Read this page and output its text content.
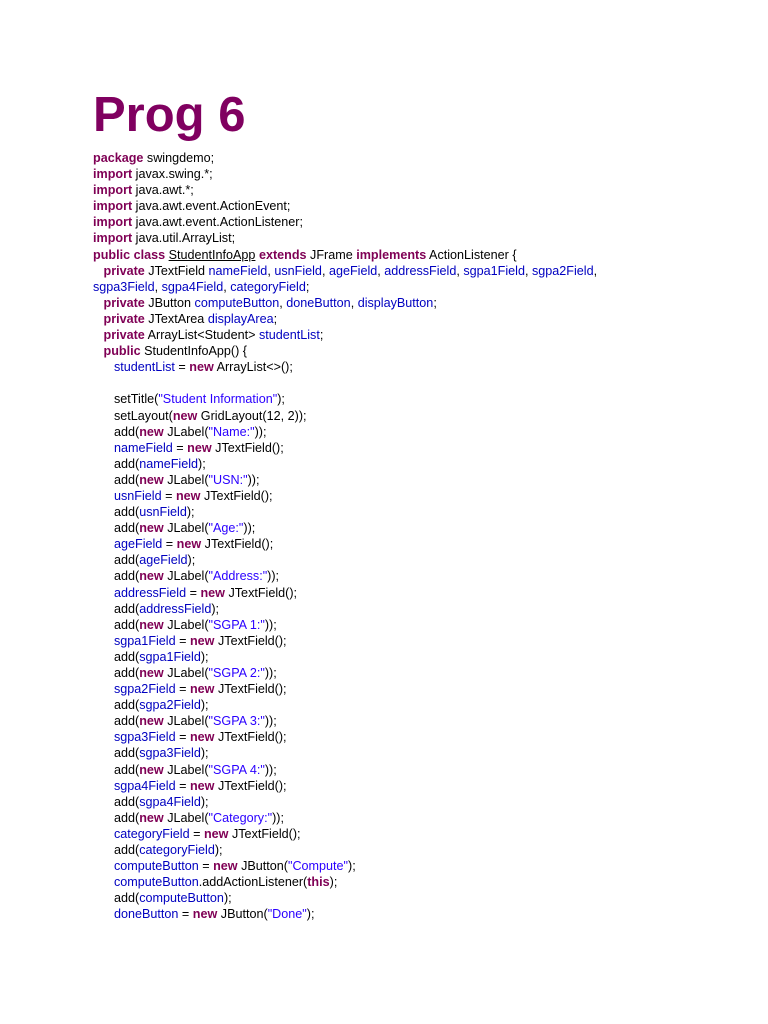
Prog 6
package swingdemo;
import javax.swing.*;
import java.awt.*;
import java.awt.event.ActionEvent;
import java.awt.event.ActionListener;
import java.util.ArrayList;
public class StudentInfoApp extends JFrame implements ActionListener {
private JTextField nameField, usnField, ageField, addressField, sgpa1Field, sgpa2Field,
sgpa3Field, sgpa4Field, categoryField;
private JButton computeButton, doneButton, displayButton;
private JTextArea displayArea;
private ArrayList<Student> studentList;
public StudentInfoApp() {
studentList = new ArrayList<>();

setTitle("Student Information");
setLayout(new GridLayout(12, 2));
add(new JLabel("Name:"));
nameField = new JTextField();
add(nameField);
add(new JLabel("USN:"));
usnField = new JTextField();
add(usnField);
add(new JLabel("Age:"));
ageField = new JTextField();
add(ageField);
add(new JLabel("Address:"));
addressField = new JTextField();
add(addressField);
add(new JLabel("SGPA 1:"));
sgpa1Field = new JTextField();
add(sgpa1Field);
add(new JLabel("SGPA 2:"));
sgpa2Field = new JTextField();
add(sgpa2Field);
add(new JLabel("SGPA 3:"));
sgpa3Field = new JTextField();
add(sgpa3Field);
add(new JLabel("SGPA 4:"));
sgpa4Field = new JTextField();
add(sgpa4Field);
add(new JLabel("Category:"));
categoryField = new JTextField();
add(categoryField);
computeButton = new JButton("Compute");
computeButton.addActionListener(this);
add(computeButton);
doneButton = new JButton("Done");
